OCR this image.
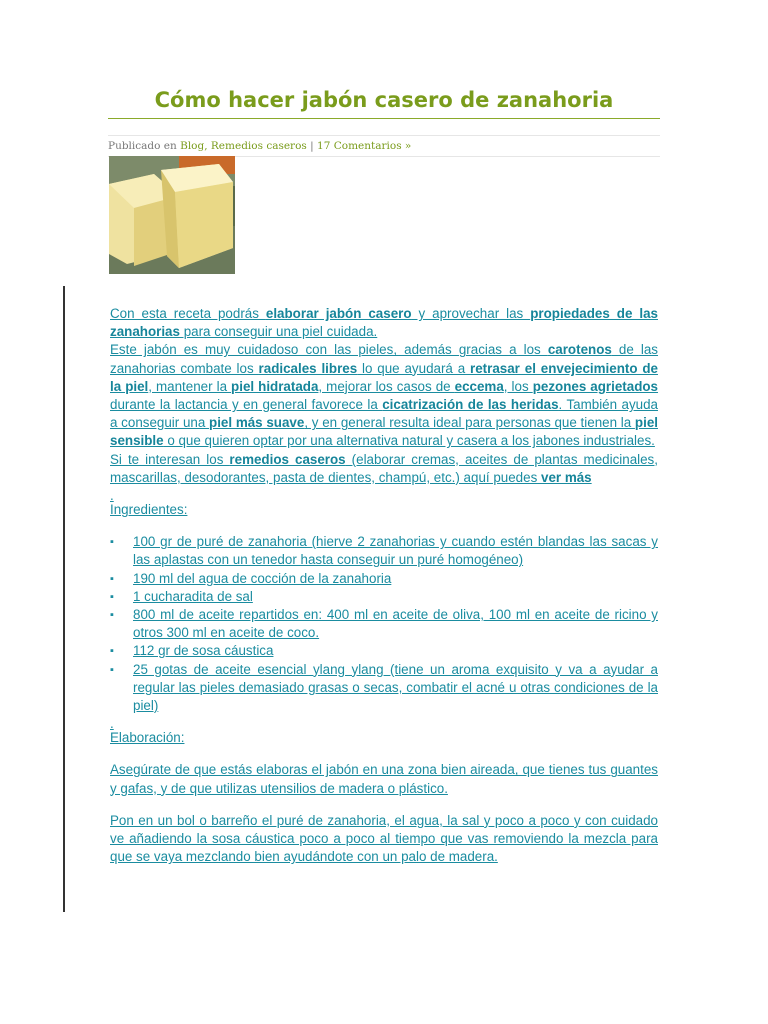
Cómo hacer jabón casero de zanahoria
Publicado en Blog, Remedios caseros | 17 Comentarios »

Con esta receta podrás elaborar jabón casero y aprovechar las propiedades de las zanahorias para conseguir una piel cuidada.

Este jabón es muy cuidadoso con las pieles, además gracias a los carotenos de las zanahorias combate los radicales libres lo que ayudará a retrasar el envejecimiento de la piel, mantener la piel hidratada, mejorar los casos de eccema, los pezones agrietados durante la lactancia y en general favorece la cicatrización de las heridas. También ayuda a conseguir una piel más suave, y en general resulta ideal para personas que tienen la piel sensible o que quieren optar por una alternativa natural y casera a los jabones industriales.

Si te interesan los remedios caseros (elaborar cremas, aceites de plantas medicinales, mascarillas, desodorantes, pasta de dientes, champú, etc.) aquí puedes ver más

.

Ingredientes:

▪ 100 gr de puré de zanahoria (hierve 2 zanahorias y cuando estén blandas las sacas y las aplastas con un tenedor hasta conseguir un puré homogéneo)
▪ 190 ml del agua de cocción de la zanahoria
▪ 1 cucharadita de sal
▪ 800 ml de aceite repartidos en: 400 ml en aceite de oliva, 100 ml en aceite de ricino y otros 300 ml en aceite de coco.
▪ 112 gr de sosa cáustica
▪ 25 gotas de aceite esencial ylang ylang (tiene un aroma exquisito y va a ayudar a regular las pieles demasiado grasas o secas, combatir el acné u otras condiciones de la piel)

.

Elaboración:

Asegúrate de que estás elaboras el jabón en una zona bien aireada, que tienes tus guantes y gafas, y de que utilizas utensilios de madera o plástico.

Pon en un bol o barreño el puré de zanahoria, el agua, la sal y poco a poco y con cuidado ve añadiendo la sosa cáustica poco a poco al tiempo que vas removiendo la mezcla para que se vaya mezclando bien ayudándote con un palo de madera.
